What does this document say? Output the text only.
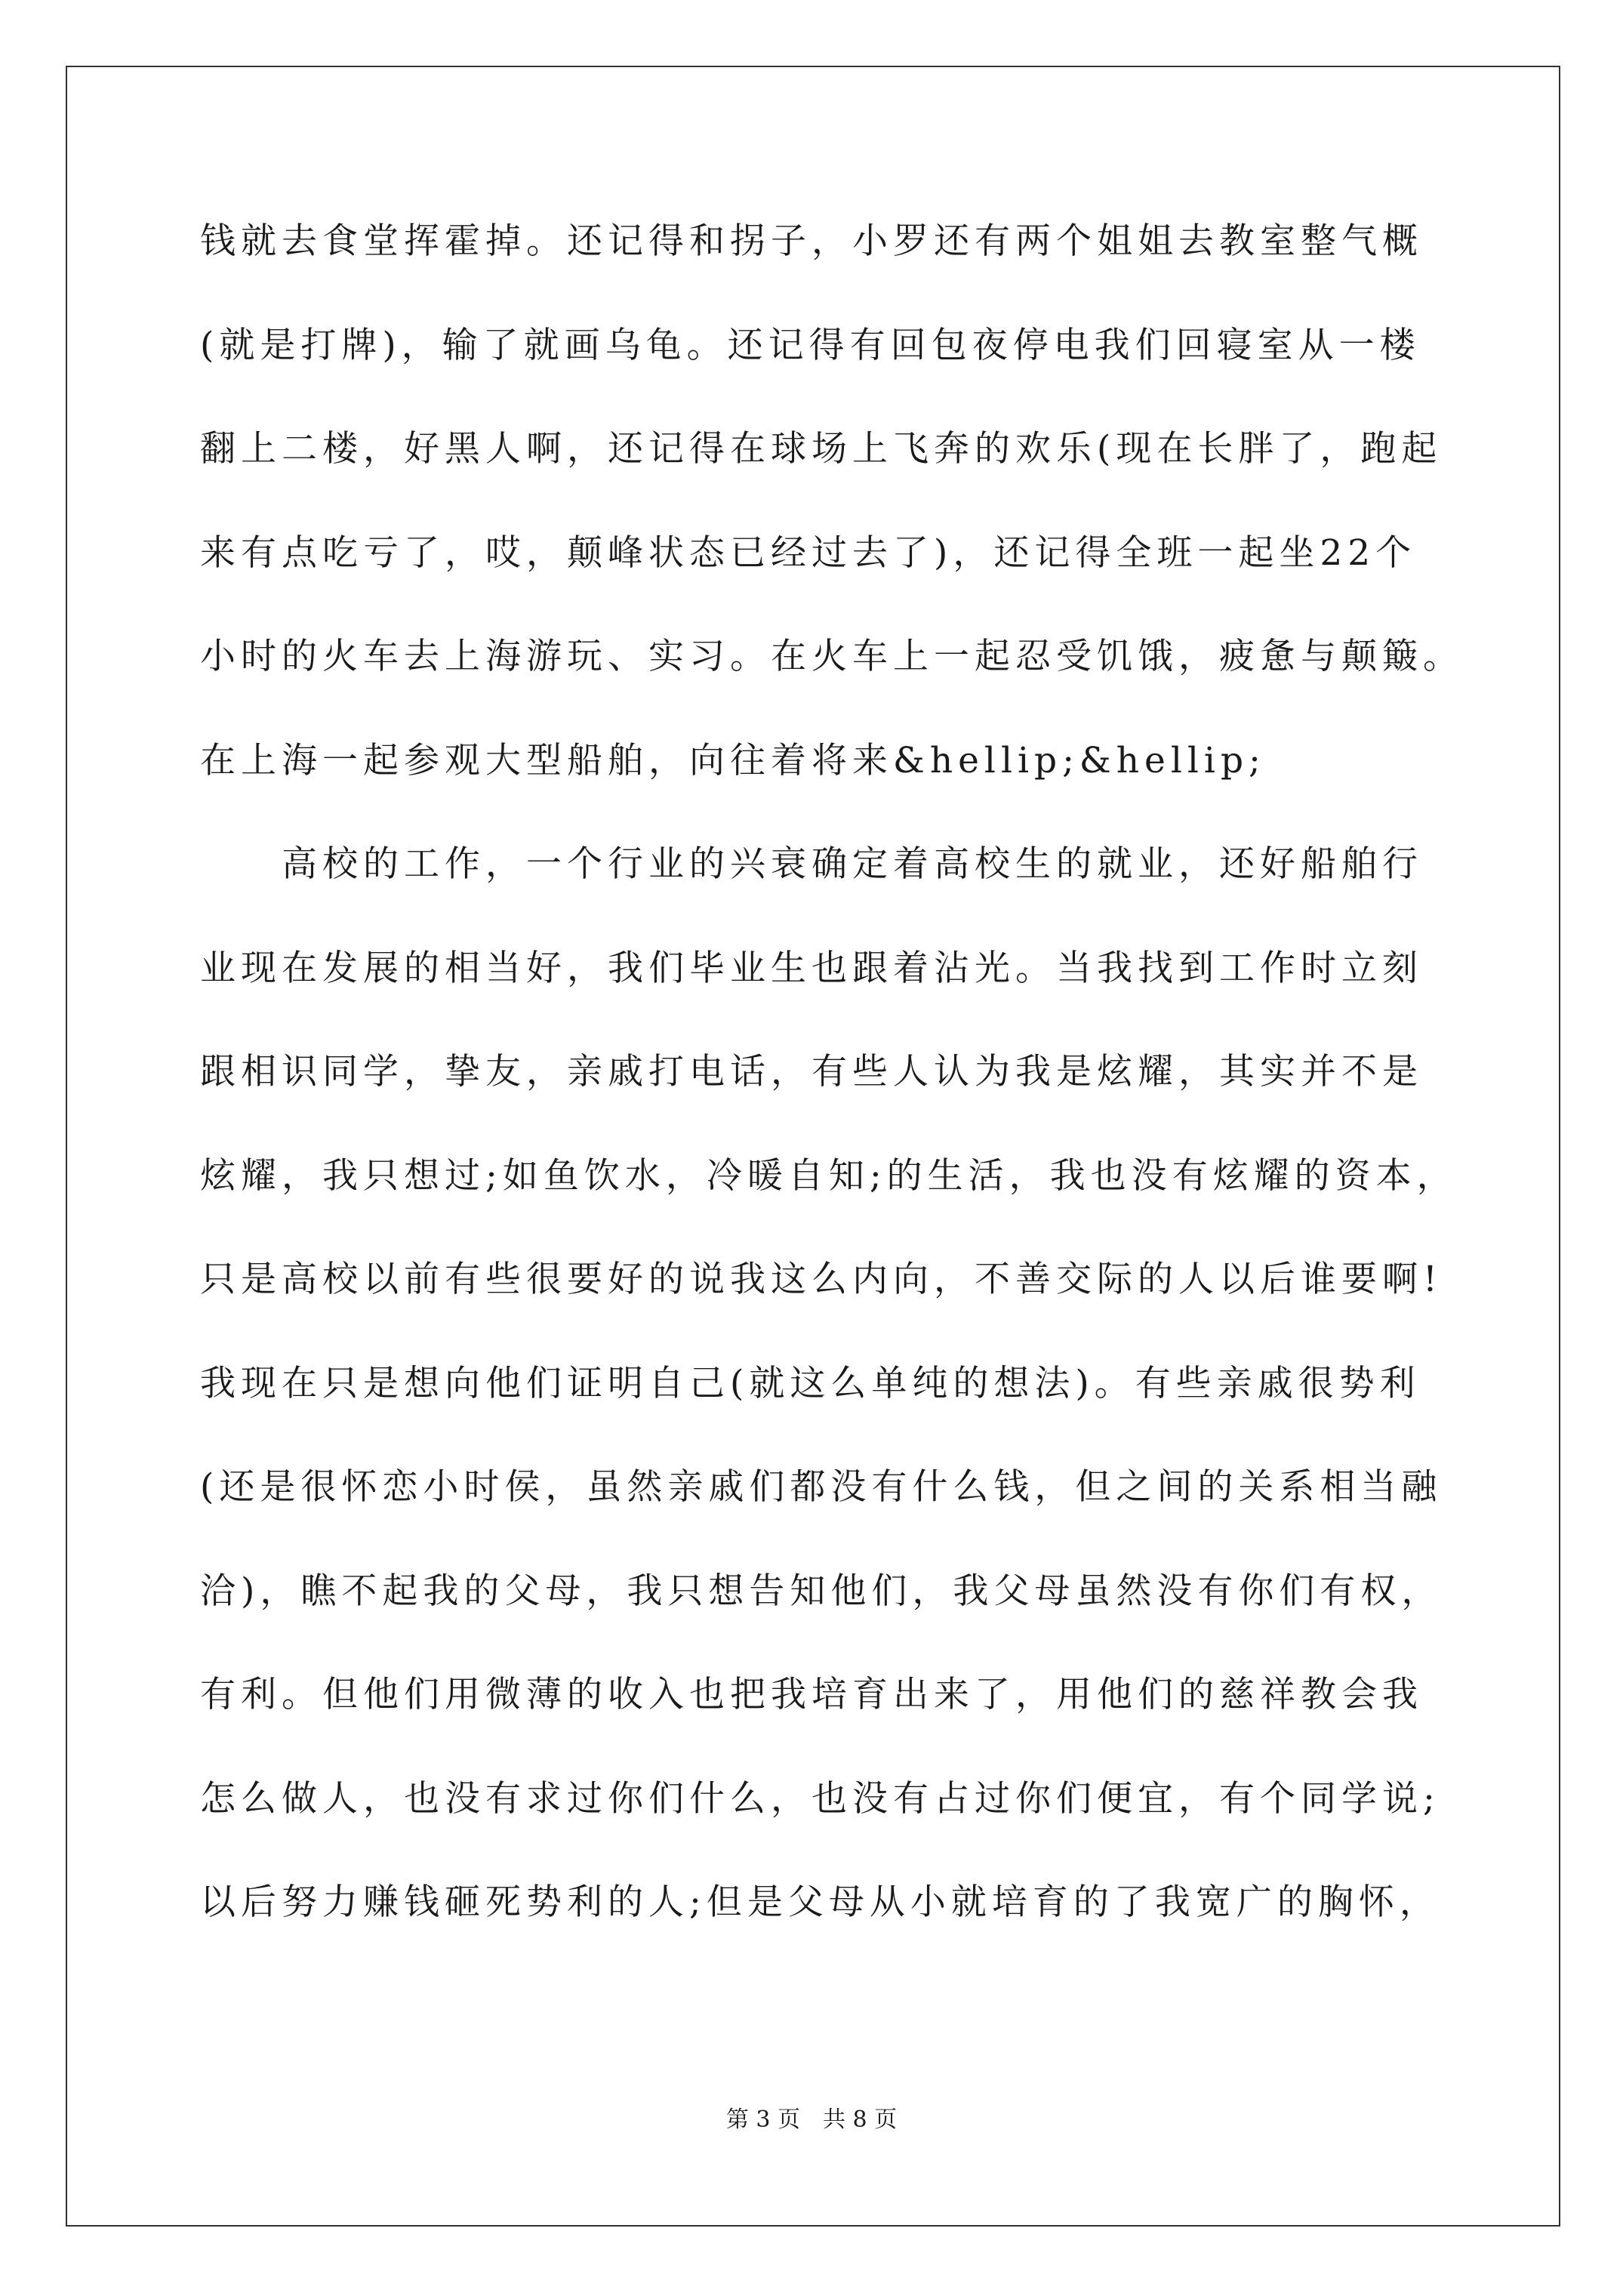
钱就去食堂挥霍掉。还记得和拐子，小罗还有两个姐姐去教室整气概
(就是打牌)，输了就画乌龟。还记得有回包夜停电我们回寝室从一楼
翻上二楼，好黑人啊，还记得在球场上飞奔的欢乐(现在长胖了，跑起
来有点吃亏了，哎，颠峰状态已经过去了)，还记得全班一起坐22个
小时的火车去上海游玩、实习。在火车上一起忍受饥饿，疲惫与颠簸。
在上海一起参观大型船舶，向往着将来&hellip;&hellip;
高校的工作，一个行业的兴衰确定着高校生的就业，还好船舶行
业现在发展的相当好，我们毕业生也跟着沾光。当我找到工作时立刻
跟相识同学，挚友，亲戚打电话，有些人认为我是炫耀，其实并不是
炫耀，我只想过;如鱼饮水，冷暖自知;的生活，我也没有炫耀的资本，
只是高校以前有些很要好的说我这么内向，不善交际的人以后谁要啊!
我现在只是想向他们证明自己(就这么单纯的想法)。有些亲戚很势利
(还是很怀恋小时侯，虽然亲戚们都没有什么钱，但之间的关系相当融
洽)，瞧不起我的父母，我只想告知他们，我父母虽然没有你们有权，
有利。但他们用微薄的收入也把我培育出来了，用他们的慈祥教会我
怎么做人，也没有求过你们什么，也没有占过你们便宜，有个同学说;
以后努力赚钱砸死势利的人;但是父母从小就培育的了我宽广的胸怀，
第 3 页　共 8 页
